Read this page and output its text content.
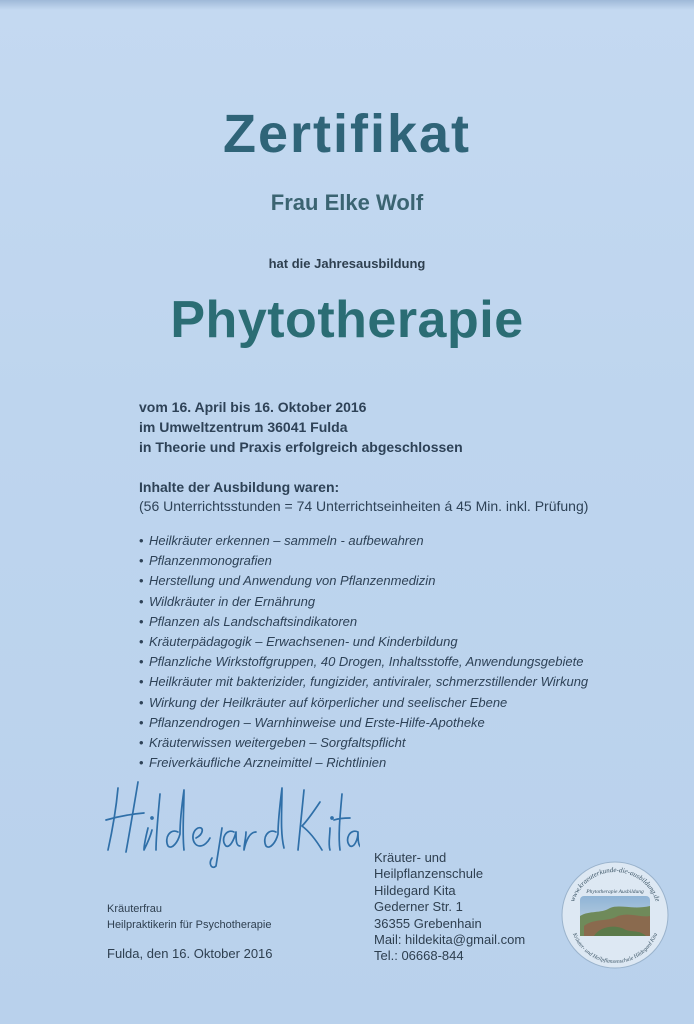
Zertifikat
Frau Elke Wolf
hat die Jahresausbildung
Phytotherapie
vom 16. April bis 16. Oktober 2016
im Umweltzentrum 36041 Fulda
in Theorie und Praxis erfolgreich abgeschlossen
Inhalte der Ausbildung waren:
(56 Unterrichtsstunden = 74 Unterrichtseinheiten á 45 Min. inkl. Prüfung)
• Heilkräuter erkennen – sammeln - aufbewahren
• Pflanzenmonografien
• Herstellung und Anwendung von Pflanzenmedizin
• Wildkräuter in der Ernährung
• Pflanzen als Landschaftsindikatoren
• Kräuterpädagogik – Erwachsenen- und Kinderbildung
• Pflanzliche Wirkstoffgruppen, 40 Drogen, Inhaltsstoffe, Anwendungsgebiete
• Heilkräuter mit bakterizider, fungizider, antiviraler, schmerzstillender Wirkung
• Wirkung der Heilkräuter auf körperlicher und seelischer Ebene
• Pflanzendrogen – Warnhinweise und Erste-Hilfe-Apotheke
• Kräuterwissen weitergeben – Sorgfaltspflicht
• Freiverkäufliche Arzneimittel – Richtlinien
Hildegard Kita
Kräuterfrau
Heilpraktikerin für Psychotherapie
Fulda, den 16. Oktober 2016
Kräuter- und
Heilpflanzenschule
Hildegard Kita
Gederner Str. 1
36355 Grebenhain
Mail: hildekita@gmail.com
Tel.: 06668-844
www.kraeuterkunde-die-ausbildung.de
Kräuter- und Heilpflanzenschule Hildegard Kita
Phytotherapie Ausbildung
